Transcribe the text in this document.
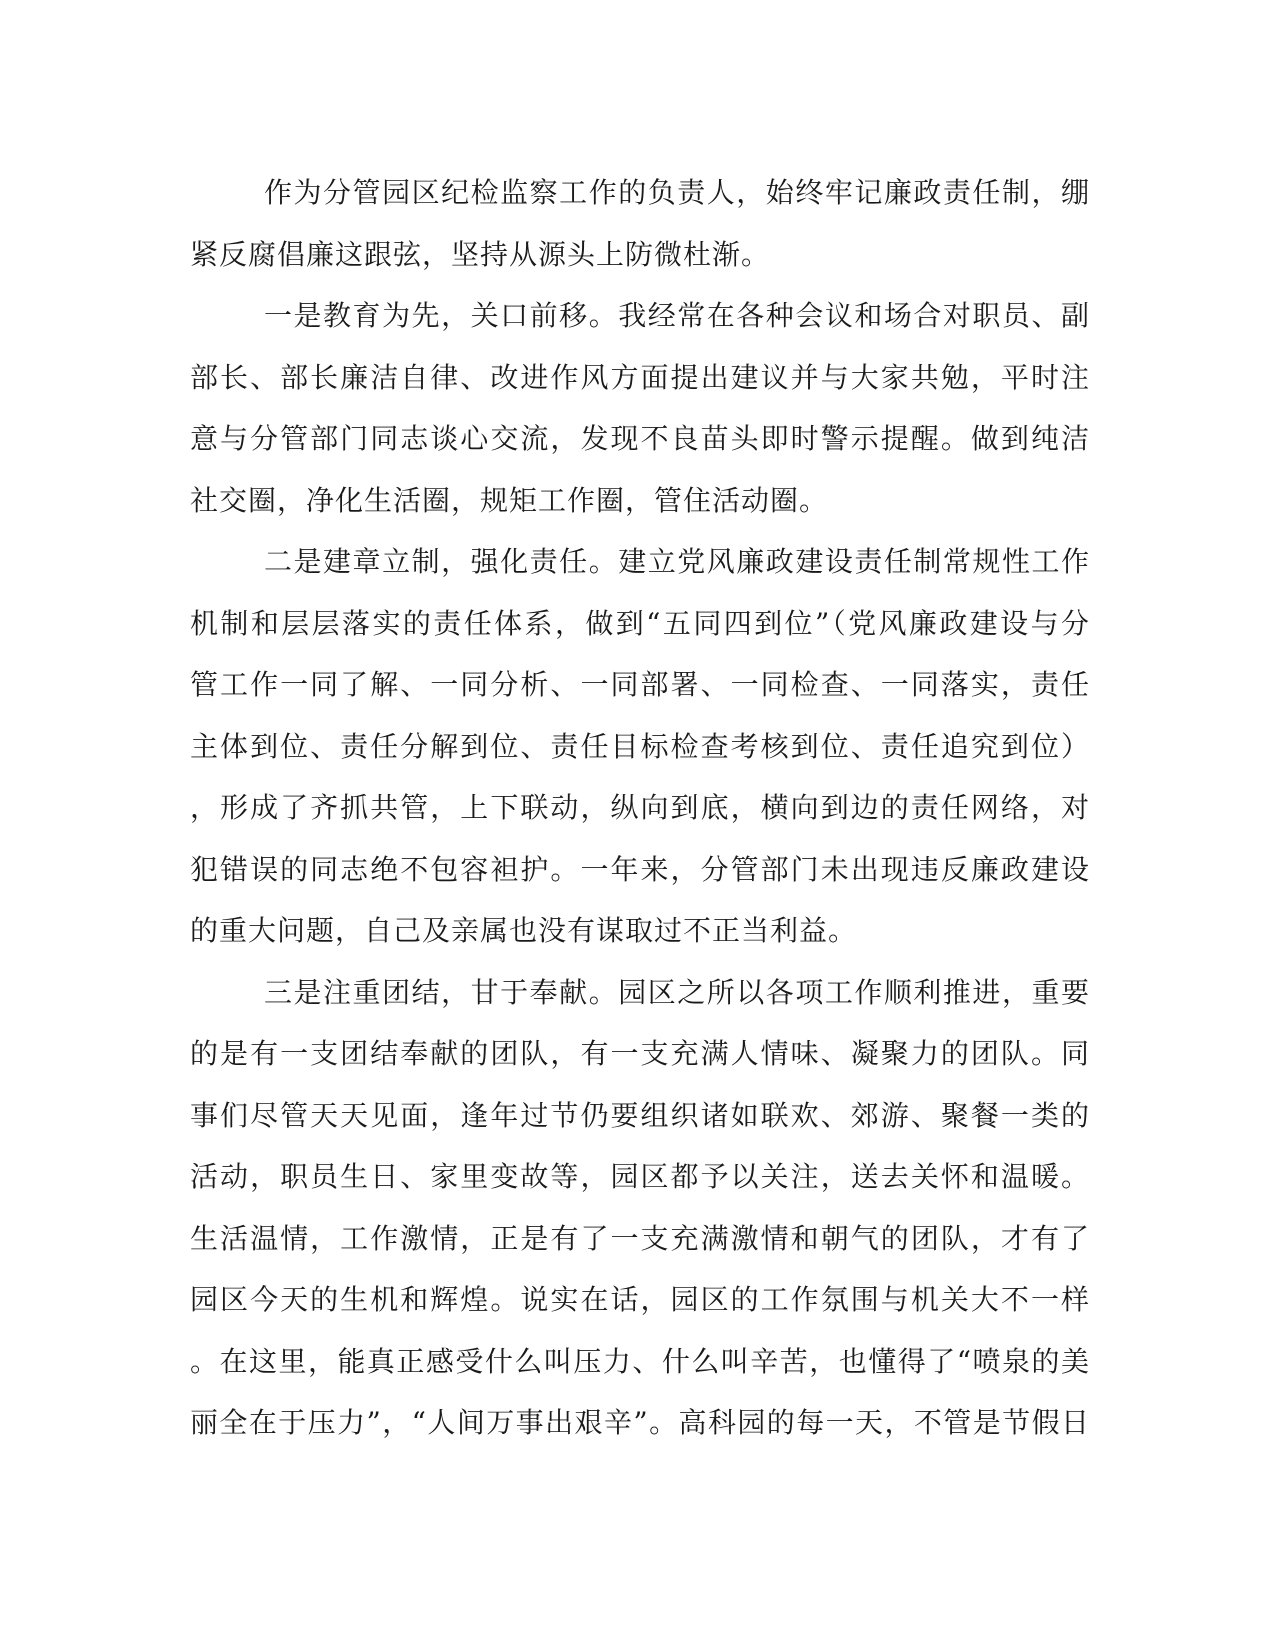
作为分管园区纪检监察工作的负责人，始终牢记廉政责任制，绷
紧反腐倡廉这跟弦，坚持从源头上防微杜渐。
一是教育为先，关口前移。我经常在各种会议和场合对职员、副
部长、部长廉洁自律、改进作风方面提出建议并与大家共勉，平时注
意与分管部门同志谈心交流，发现不良苗头即时警示提醒。做到纯洁
社交圈，净化生活圈，规矩工作圈，管住活动圈。
二是建章立制，强化责任。建立党风廉政建设责任制常规性工作
机制和层层落实的责任体系，做到“五同四到位”（党风廉政建设与分
管工作一同了解、一同分析、一同部署、一同检查、一同落实，责任
主体到位、责任分解到位、责任目标检查考核到位、责任追究到位）
，形成了齐抓共管，上下联动，纵向到底，横向到边的责任网络，对
犯错误的同志绝不包容袒护。一年来，分管部门未出现违反廉政建设
的重大问题，自己及亲属也没有谋取过不正当利益。
三是注重团结，甘于奉献。园区之所以各项工作顺利推进，重要
的是有一支团结奉献的团队，有一支充满人情味、凝聚力的团队。同
事们尽管天天见面，逢年过节仍要组织诸如联欢、郊游、聚餐一类的
活动，职员生日、家里变故等，园区都予以关注，送去关怀和温暖。
生活温情，工作激情，正是有了一支充满激情和朝气的团队，才有了
园区今天的生机和辉煌。说实在话，园区的工作氛围与机关大不一样
。在这里，能真正感受什么叫压力、什么叫辛苦，也懂得了“喷泉的美
丽全在于压力”，“人间万事出艰辛”。高科园的每一天，不管是节假日
